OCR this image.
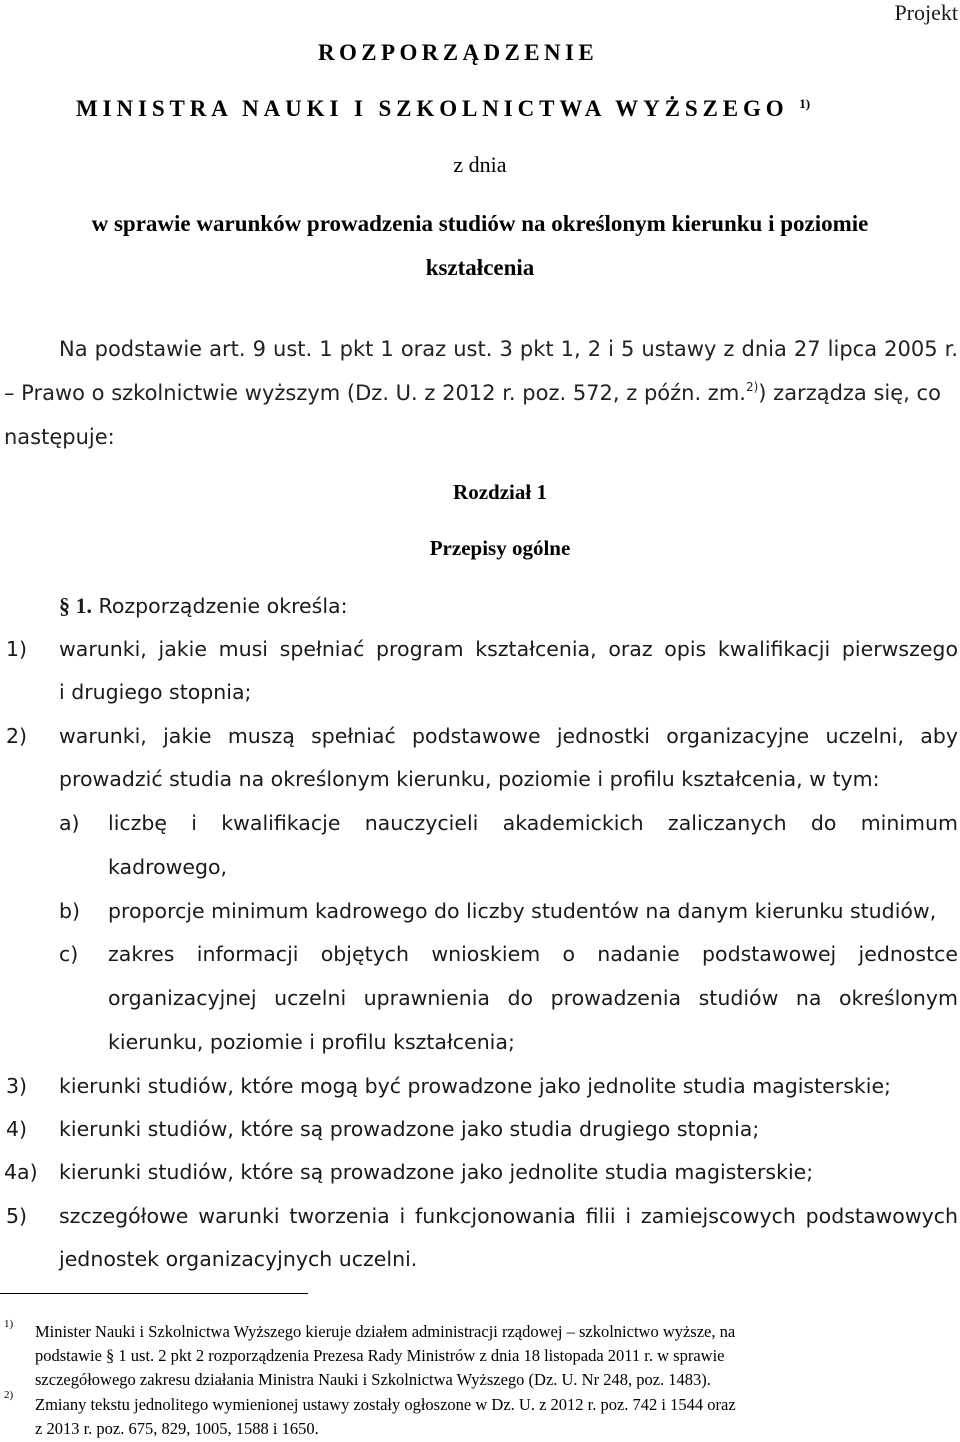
Projekt
ROZPORZĄDZENIE
MINISTRA NAUKI I SZKOLNICTWA WYŻSZEGO $^{1)}$
z dnia
w sprawie warunków prowadzenia studiów na określonym kierunku i poziomie
kształcenia
Na podstawie art. 9 ust. 1 pkt 1 oraz ust. 3 pkt 1, 2 i 5 ustawy z dnia 27 lipca 2005 r.
– Prawo o szkolnictwie wyższym (Dz. U. z 2012 r. poz. 572, z późn. zm.$^{2)}$) zarządza się, co
następuje:
Rozdział 1
Przepisy ogólne
§ 1. Rozporządzenie określa:
1) warunki, jakie musi spełniać program kształcenia, oraz opis kwalifikacji pierwszego
i drugiego stopnia;
2) warunki, jakie muszą spełniać podstawowe jednostki organizacyjne uczelni, aby
prowadzić studia na określonym kierunku, poziomie i profilu kształcenia, w tym:
a) liczbę i kwalifikacje nauczycieli akademickich zaliczanych do minimum
kadrowego,
b) proporcje minimum kadrowego do liczby studentów na danym kierunku studiów,
c) zakres informacji objętych wnioskiem o nadanie podstawowej jednostce
organizacyjnej uczelni uprawnienia do prowadzenia studiów na określonym
kierunku, poziomie i profilu kształcenia;
3) kierunki studiów, które mogą być prowadzone jako jednolite studia magisterskie;
4) kierunki studiów, które są prowadzone jako studia drugiego stopnia;
4a) kierunki studiów, które są prowadzone jako jednolite studia magisterskie;
5) szczegółowe warunki tworzenia i funkcjonowania filii i zamiejscowych podstawowych
jednostek organizacyjnych uczelni.
1) Minister Nauki i Szkolnictwa Wyższego kieruje działem administracji rządowej – szkolnictwo wyższe, na
podstawie § 1 ust. 2 pkt 2 rozporządzenia Prezesa Rady Ministrów z dnia 18 listopada 2011 r. w sprawie
szczegółowego zakresu działania Ministra Nauki i Szkolnictwa Wyższego (Dz. U. Nr 248, poz. 1483).
2) Zmiany tekstu jednolitego wymienionej ustawy zostały ogłoszone w Dz. U. z 2012 r. poz. 742 i 1544 oraz
z 2013 r. poz. 675, 829, 1005, 1588 i 1650.
